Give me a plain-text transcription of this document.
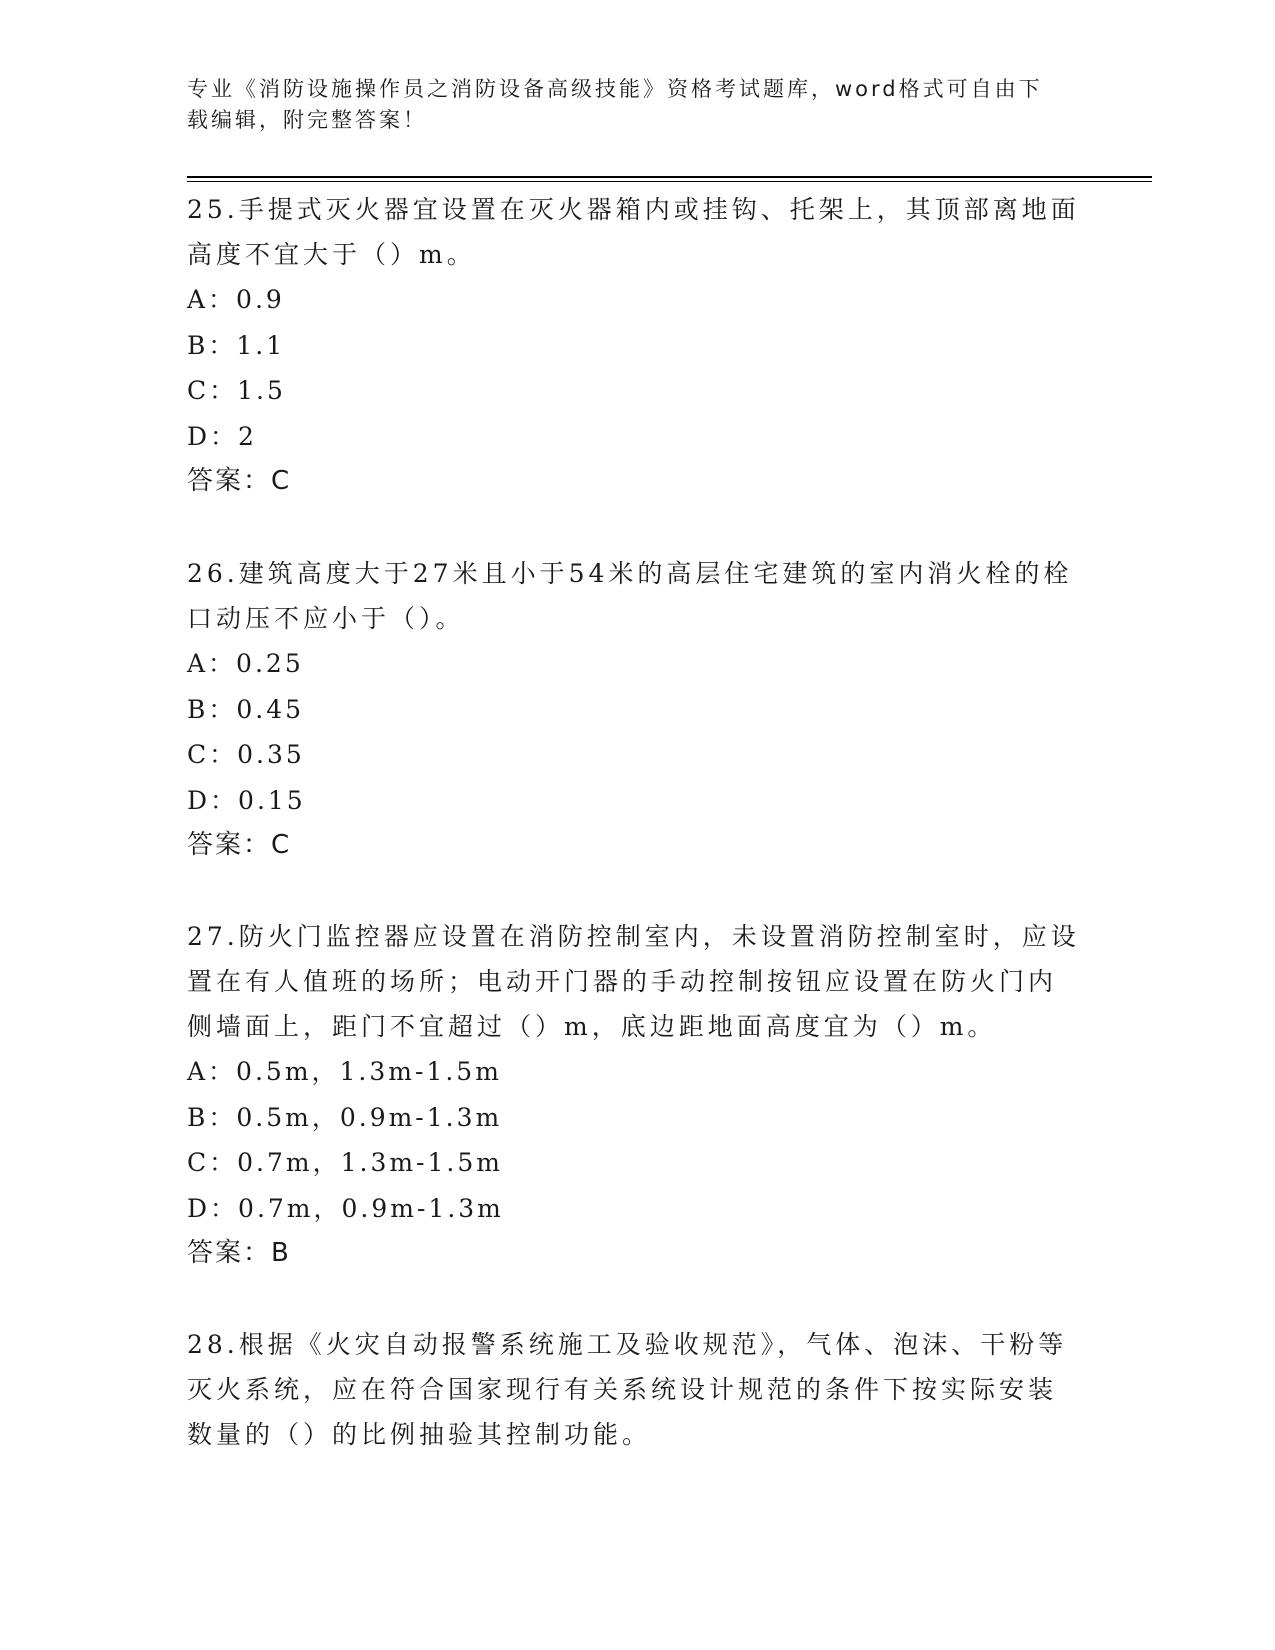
专业《消防设施操作员之消防设备高级技能》资格考试题库，word格式可自由下
载编辑，附完整答案！

25.手提式灭火器宜设置在灭火器箱内或挂钩、托架上，其顶部离地面

高度不宜大于（）m。

A：0.9

B：1.1

C：1.5

D：2

答案：C

26.建筑高度大于27米且小于54米的高层住宅建筑的室内消火栓的栓

口动压不应小于（）。

A：0.25

B：0.45

C：0.35

D：0.15

答案：C

27.防火门监控器应设置在消防控制室内，未设置消防控制室时，应设

置在有人值班的场所；电动开门器的手动控制按钮应设置在防火门内

侧墙面上，距门不宜超过（）m，底边距地面高度宜为（）m。

A：0.5m，1.3m-1.5m

B：0.5m，0.9m-1.3m

C：0.7m，1.3m-1.5m

D：0.7m，0.9m-1.3m

答案：B

28.根据《火灾自动报警系统施工及验收规范》，气体、泡沫、干粉等

灭火系统，应在符合国家现行有关系统设计规范的条件下按实际安装

数量的（）的比例抽验其控制功能。
